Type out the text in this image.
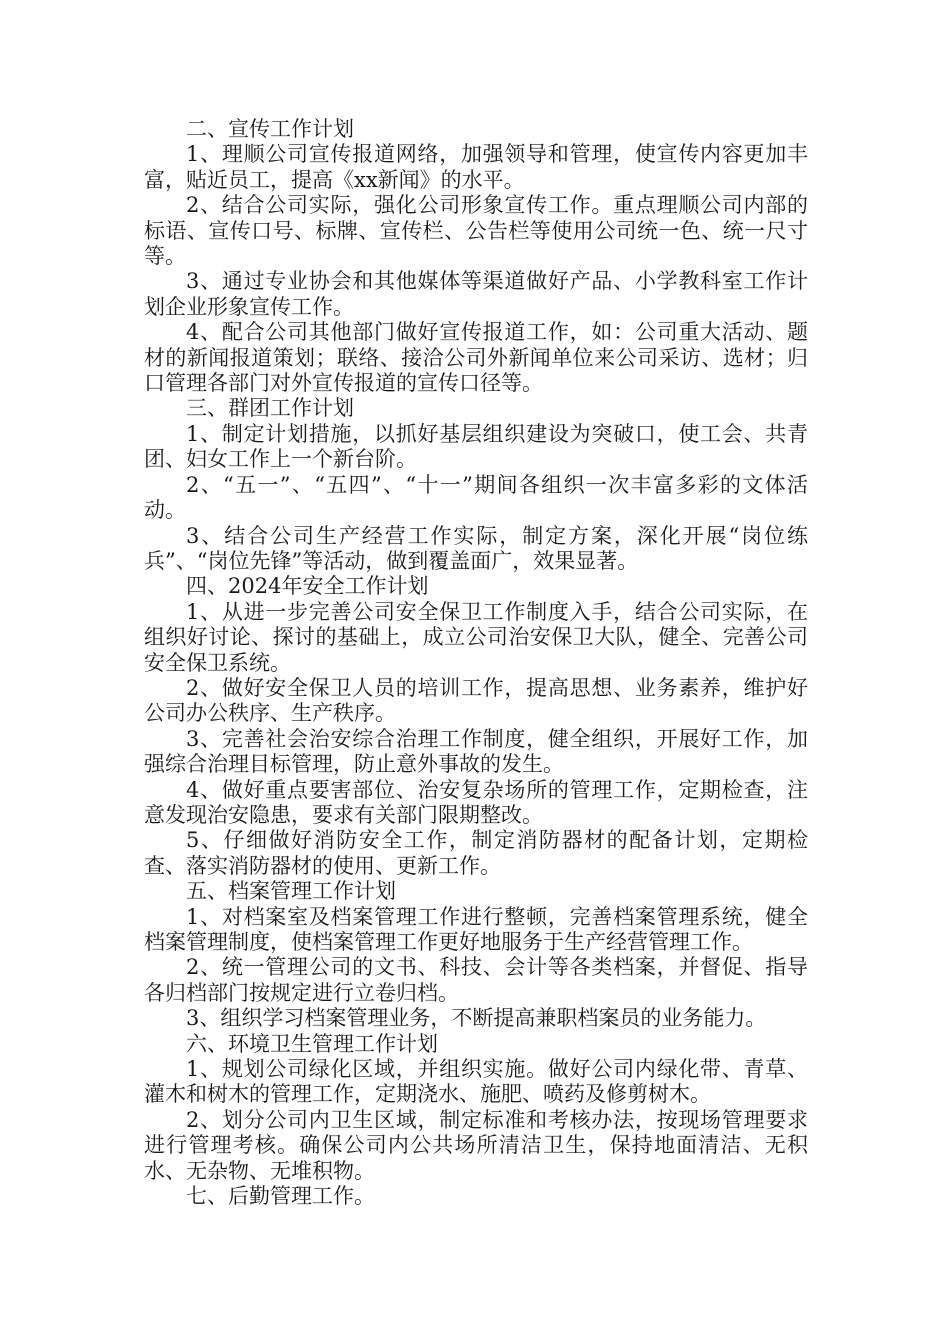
二、宣传工作计划

1、理顺公司宣传报道网络，加强领导和管理，使宣传内容更加丰富，贴近员工，提高《xx新闻》的水平。

2、结合公司实际，强化公司形象宣传工作。重点理顺公司内部的标语、宣传口号、标牌、宣传栏、公告栏等使用公司统一色、统一尺寸等。

3、通过专业协会和其他媒体等渠道做好产品、小学教科室工作计划企业形象宣传工作。

4、配合公司其他部门做好宣传报道工作，如：公司重大活动、题材的新闻报道策划；联络、接洽公司外新闻单位来公司采访、选材；归口管理各部门对外宣传报道的宣传口径等。

三、群团工作计划

1、制定计划措施，以抓好基层组织建设为突破口，使工会、共青团、妇女工作上一个新台阶。

2、“五一”、“五四”、“十一”期间各组织一次丰富多彩的文体活动。

3、结合公司生产经营工作实际，制定方案，深化开展“岗位练兵”、“岗位先锋”等活动，做到覆盖面广，效果显著。

四、2024年安全工作计划

1、从进一步完善公司安全保卫工作制度入手，结合公司实际，在组织好讨论、探讨的基础上，成立公司治安保卫大队，健全、完善公司安全保卫系统。

2、做好安全保卫人员的培训工作，提高思想、业务素养，维护好公司办公秩序、生产秩序。

3、完善社会治安综合治理工作制度，健全组织，开展好工作，加强综合治理目标管理，防止意外事故的发生。

4、做好重点要害部位、治安复杂场所的管理工作，定期检查，注意发现治安隐患，要求有关部门限期整改。

5、仔细做好消防安全工作，制定消防器材的配备计划，定期检查、落实消防器材的使用、更新工作。

五、档案管理工作计划

1、对档案室及档案管理工作进行整顿，完善档案管理系统，健全档案管理制度，使档案管理工作更好地服务于生产经营管理工作。

2、统一管理公司的文书、科技、会计等各类档案，并督促、指导各归档部门按规定进行立卷归档。

3、组织学习档案管理业务，不断提高兼职档案员的业务能力。

六、环境卫生管理工作计划

1、规划公司绿化区域，并组织实施。做好公司内绿化带、青草、灌木和树木的管理工作，定期浇水、施肥、喷药及修剪树木。

2、划分公司内卫生区域，制定标准和考核办法，按现场管理要求进行管理考核。确保公司内公共场所清洁卫生，保持地面清洁、无积水、无杂物、无堆积物。

七、后勤管理工作。
